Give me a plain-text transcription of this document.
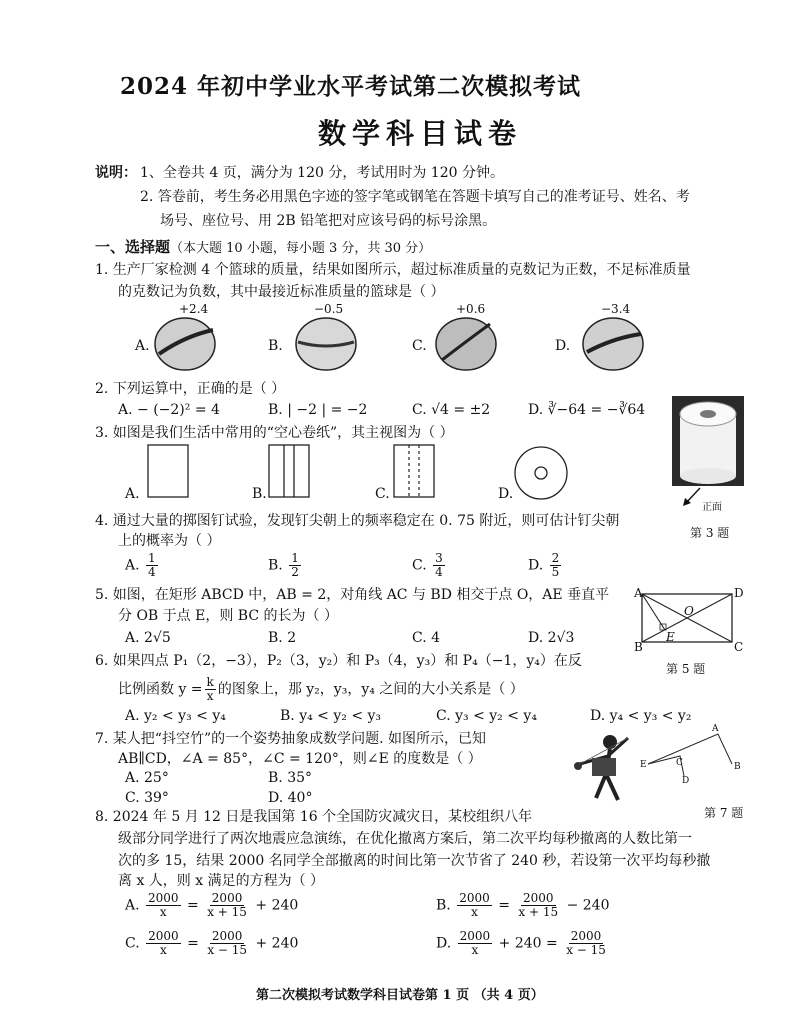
2024 年初中学业水平考试第二次模拟考试
数学科目试卷
说明： 1、全卷共 4 页，满分为 120 分，考试用时为 120 分钟。
2. 答卷前，考生务必用黑色字迹的签字笔或钢笔在答题卡填写自己的准考证号、姓名、考
场号、座位号、用 2B 铅笔把对应该号码的标号涂黑。
一、选择题（本大题 10 小题，每小题 3 分，共 30 分）
1. 生产厂家检测 4 个篮球的质量，结果如图所示，超过标准质量的克数记为正数，不足标准质量
的克数记为负数，其中最接近标准质量的篮球是（ ）
A.
+2.4
B.
−0.5
C.
+0.6
D.
−3.4
2. 下列运算中，正确的是（ ）
A. − (−2)² = 4	B. | −2 | = −2	C. √4 = ±2	D. ∛−64 = −∛64
3. 如图是我们生活中常用的“空心卷纸”，其主视图为（ ）
A.	B.	C.	D.
正面
第 3 题
4. 通过大量的掷图钉试验，发现钉尖朝上的频率稳定在 0. 75 附近，则可估计钉尖朝
上的概率为（ ）
A. $\frac{1}{4}$	B. $\frac{1}{2}$	C. $\frac{3}{4}$	D. $\frac{2}{5}$
5. 如图，在矩形 ABCD 中，AB = 2，对角线 AC 与 BD 相交于点 O，AE 垂直平
分 OB 于点 E，则 BC 的长为（ ）
A. 2√5	B. 2	C. 4	D. 2√3
A	D
O
E
B	C
第 5 题
6. 如果四点 P₁（2，−3），P₂（3，y₂）和 P₃（4，y₃）和 P₄（−1，y₄）在反
比例函数 $y = \frac{k}{x}$ 的图象上，那 y₂，y₃，y₄ 之间的大小关系是（ ）
A. y₂ < y₃ < y₄	B. y₄ < y₂ < y₃	C. y₃ < y₂ < y₄	D. y₄ < y₃ < y₂
7. 某人把“抖空竹”的一个姿势抽象成数学问题. 如图所示，已知
AB∥CD，∠A = 85°，∠C = 120°，则∠E 的度数是（ ）
A. 25°	B. 35°
C. 39°	D. 40°
A
B
C
D
E
第 7 题
8. 2024 年 5 月 12 日是我国第 16 个全国防灾减灾日，某校组织八年
级部分同学进行了两次地震应急演练，在优化撤离方案后，第二次平均每秒撤离的人数比第一
次的多 15，结果 2000 名同学全部撤离的时间比第一次节省了 240 秒，若设第一次平均每秒撤
离 x 人，则 x 满足的方程为（ ）
A. $\frac{2000}{x} = \frac{2000}{x + 15} + 240$	B. $\frac{2000}{x} = \frac{2000}{x + 15} - 240$
C. $\frac{2000}{x} = \frac{2000}{x - 15} + 240$	D. $\frac{2000}{x} + 240 = \frac{2000}{x - 15}$
第二次模拟考试数学科目试卷第 1 页 （共 4 页）
